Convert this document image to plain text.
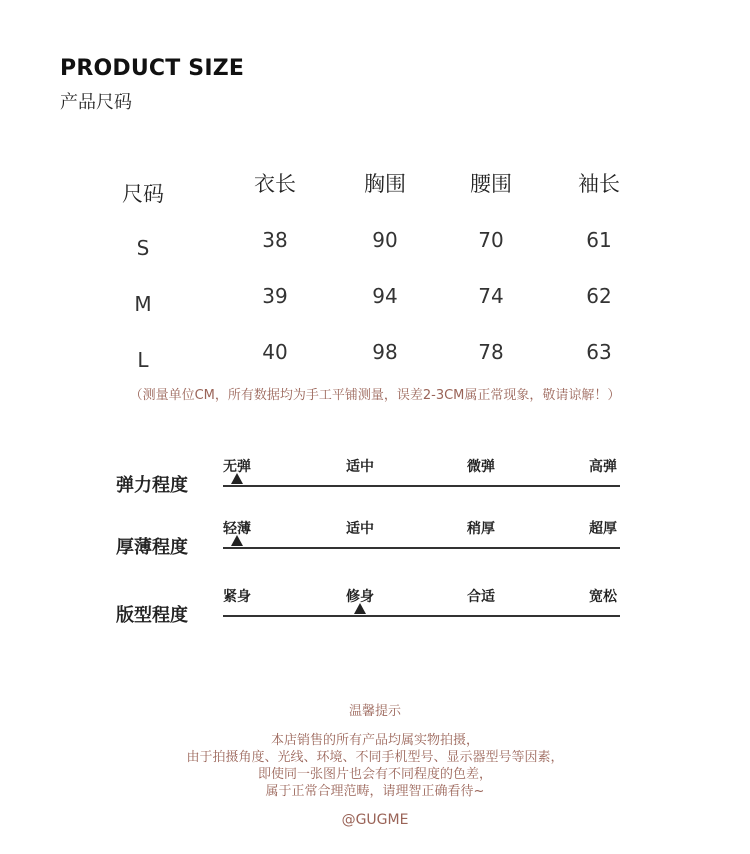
PRODUCT SIZE
产品尺码
尺码	衣长	胸围	腰围	袖长
S	38	90	70	61
M	39	94	74	62
L	40	98	78	63
（测量单位CM，所有数据均为手工平铺测量，误差2-3CM属正常现象，敬请谅解！）
弹力程度
无弹	适中	微弹	高弹
厚薄程度
轻薄	适中	稍厚	超厚
版型程度
紧身	修身	合适	宽松
温馨提示
本店销售的所有产品均属实物拍摄，
由于拍摄角度、光线、环境、不同手机型号、显示器型号等因素，
即使同一张图片也会有不同程度的色差，
属于正常合理范畴，请理智正确看待~
@GUGME
